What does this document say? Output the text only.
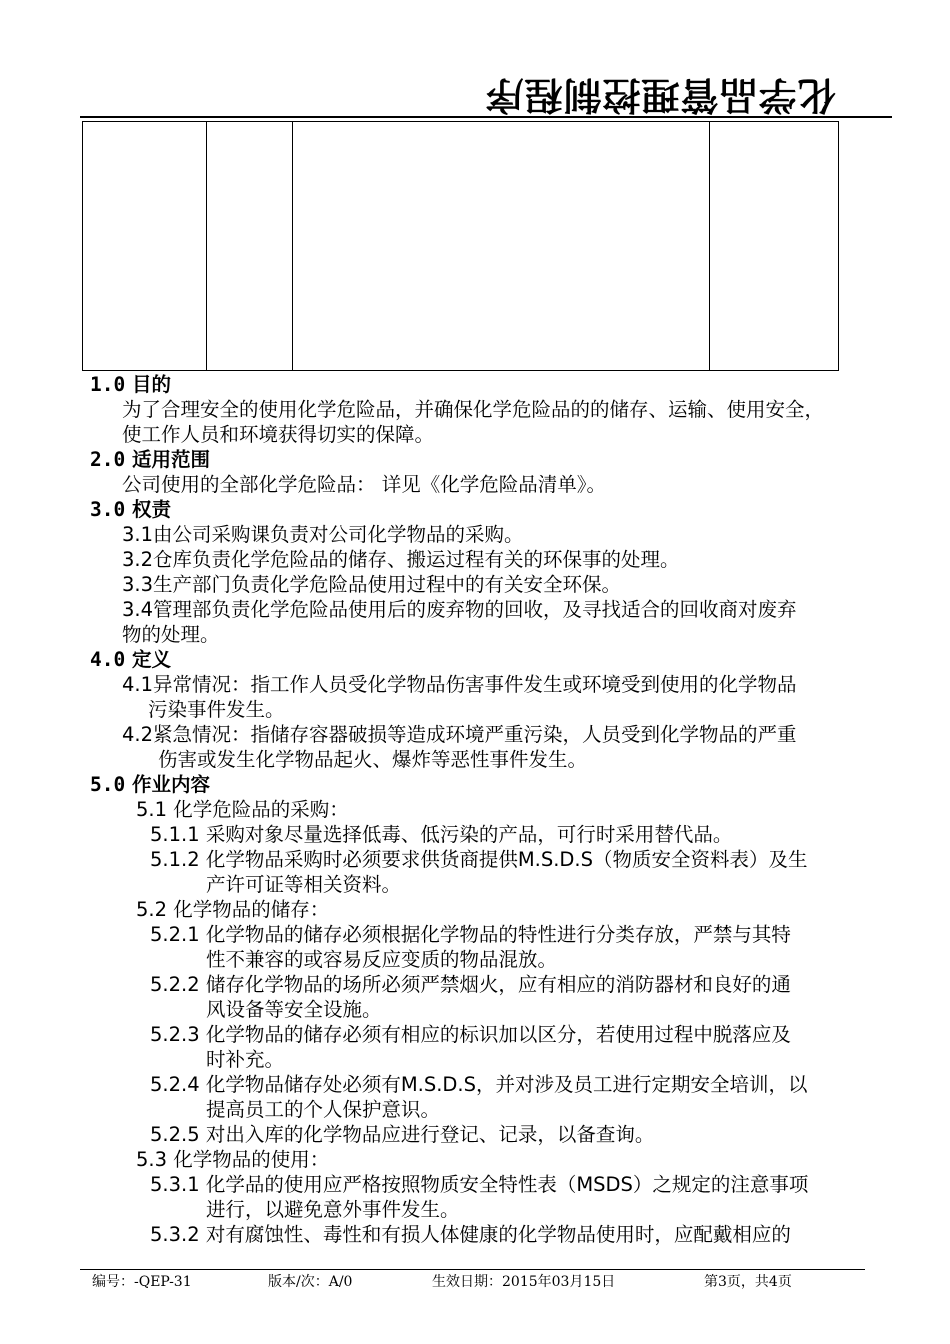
化学品管理控制程序

1.0 目的
为了合理安全的使用化学危险品，并确保化学危险品的的储存、运输、使用安全，
使工作人员和环境获得切实的保障。
2.0 适用范围
公司使用的全部化学危险品： 详见《化学危险品清单》。
3.0 权责
3.1由公司采购课负责对公司化学物品的采购。
3.2仓库负责化学危险品的储存、搬运过程有关的环保事的处理。
3.3生产部门负责化学危险品使用过程中的有关安全环保。
3.4管理部负责化学危险品使用后的废弃物的回收，及寻找适合的回收商对废弃
物的处理。
4.0 定义
4.1异常情况：指工作人员受化学物品伤害事件发生或环境受到使用的化学物品
污染事件发生。
4.2紧急情况：指储存容器破损等造成环境严重污染，人员受到化学物品的严重
伤害或发生化学物品起火、爆炸等恶性事件发生。
5.0 作业内容
5.1 化学危险品的采购：
5.1.1 采购对象尽量选择低毒、低污染的产品，可行时采用替代品。
5.1.2 化学物品采购时必须要求供货商提供M.S.D.S（物质安全资料表）及生
产许可证等相关资料。
5.2 化学物品的储存：
5.2.1 化学物品的储存必须根据化学物品的特性进行分类存放，严禁与其特
性不兼容的或容易反应变质的物品混放。
5.2.2 储存化学物品的场所必须严禁烟火，应有相应的消防器材和良好的通
风设备等安全设施。
5.2.3 化学物品的储存必须有相应的标识加以区分，若使用过程中脱落应及
时补充。
5.2.4 化学物品储存处必须有M.S.D.S，并对涉及员工进行定期安全培训，以
提高员工的个人保护意识。
5.2.5 对出入库的化学物品应进行登记、记录，以备查询。
5.3 化学物品的使用：
5.3.1 化学品的使用应严格按照物质安全特性表（MSDS）之规定的注意事项
进行，以避免意外事件发生。
5.3.2 对有腐蚀性、毒性和有损人体健康的化学物品使用时，应配戴相应的
编号：-QEP-31	版本/次：A/0	生效日期：2015年03月15日	第3页，共4页
